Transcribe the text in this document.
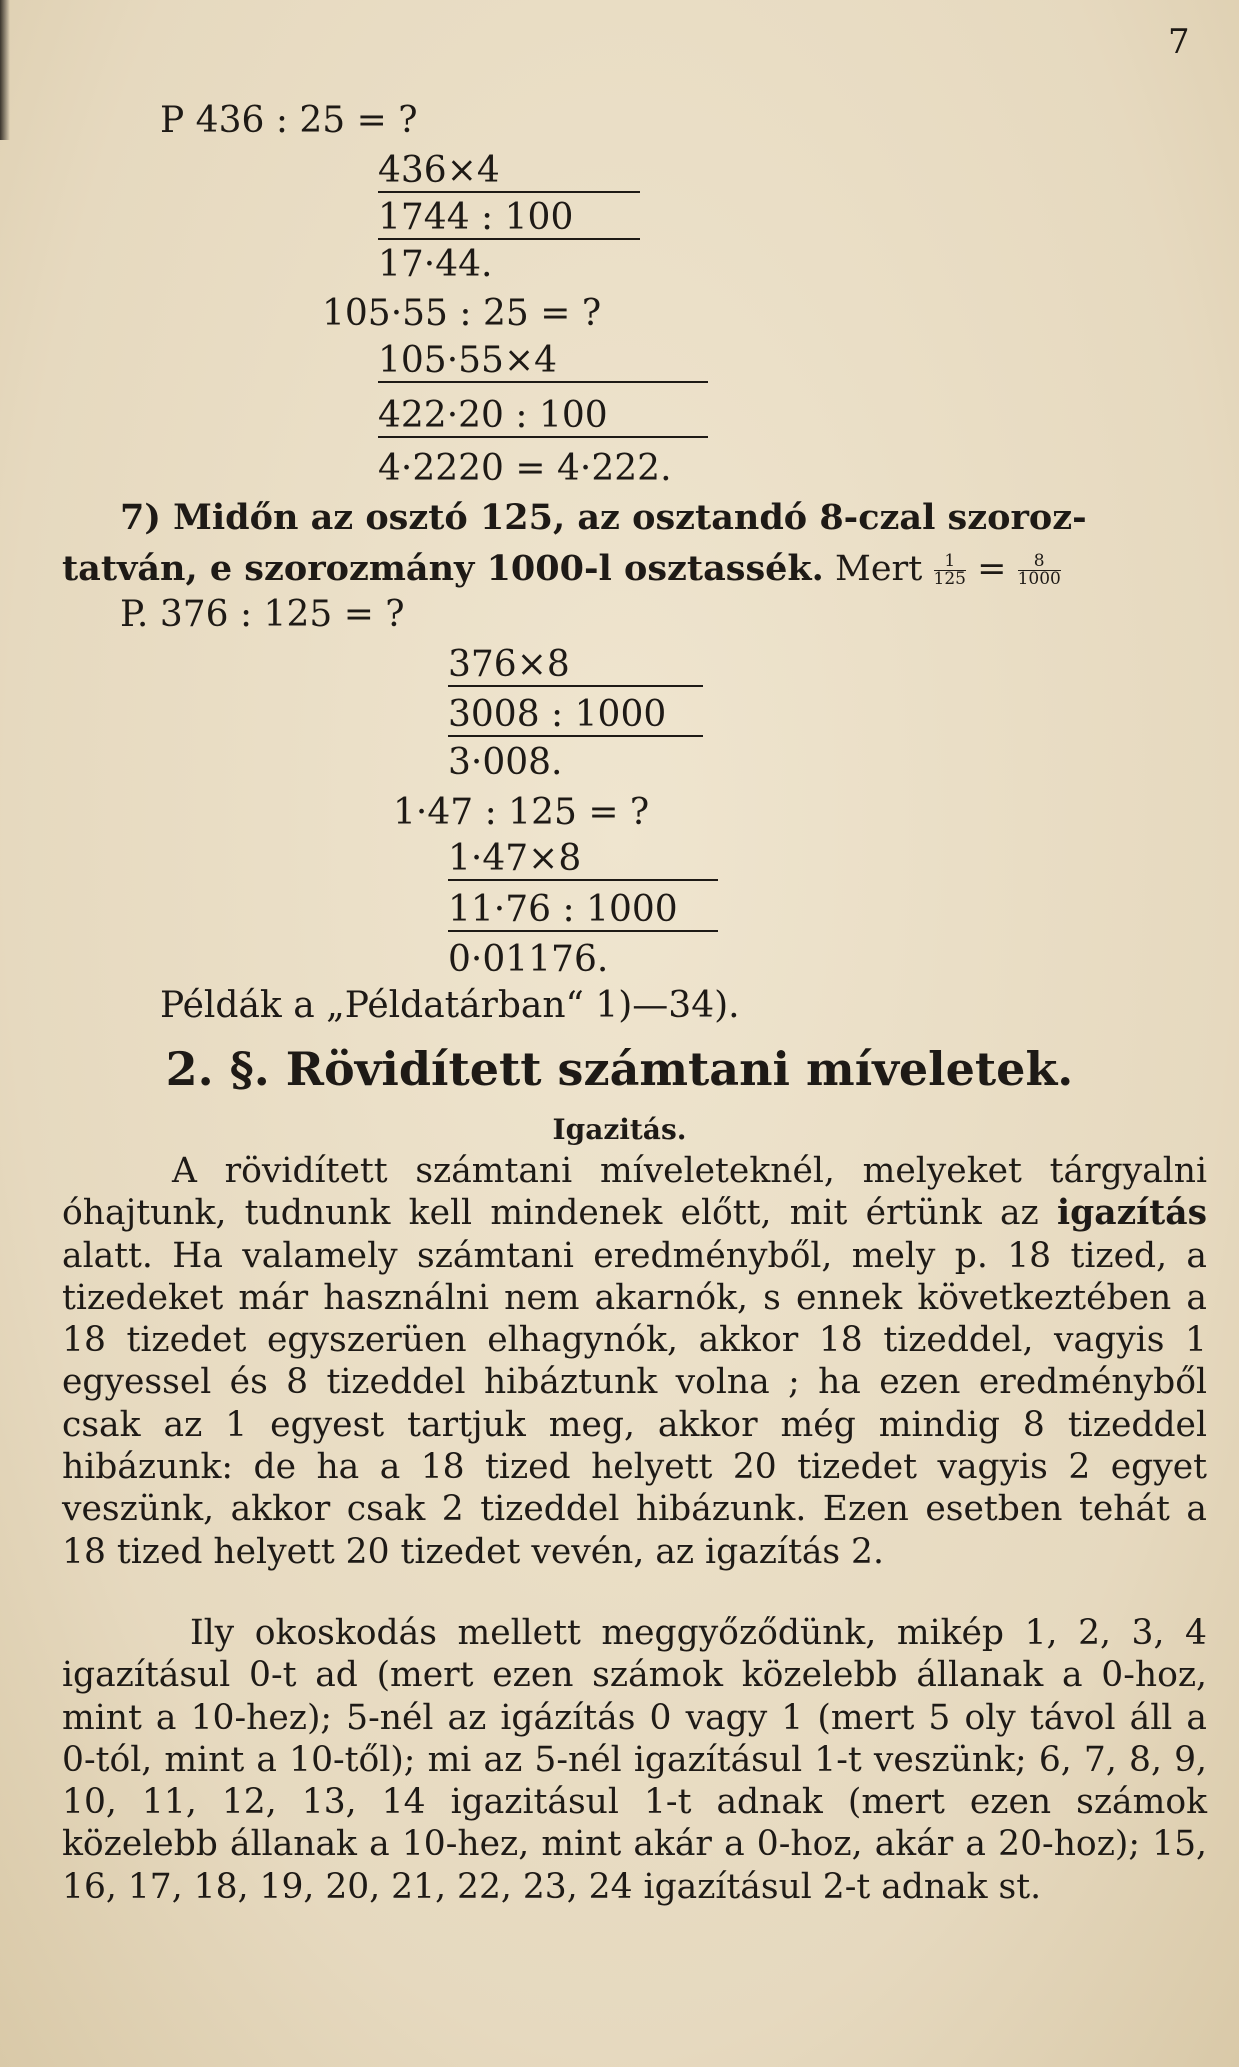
7
P 436 : 25 = ?
436×4
1744 : 100
17·44.
105·55 : 25 = ?
105·55×4
422·20 : 100
4·2220 = 4·222.
7) Midőn az osztó 125, az osztandó 8-czal szoroz-
tatván, e szorozmány 1000-l osztassék. Mert $\frac{1}{125} = \frac{8}{1000}$
P. 376 : 125 = ?
376×8
3008 : 1000
3·008.
1·47 : 125 = ?
1·47×8
11·76 : 1000
0·01176.
Példák a „Példatárban“ 1)—34).
2. §. Rövidített számtani míveletek.
Igazitás.
A rövidített számtani míveleteknél, melyeket tárgyalni óhajtunk, tudnunk kell mindenek előtt, mit értünk az igazítás alatt. Ha valamely számtani eredményből, mely p. 18 tized, a tizedeket már használni nem akarnók, s ennek következtében a 18 tizedet egyszerüen elhagynók, akkor 18 tizeddel, vagyis 1 egyessel és 8 tizeddel hibáztunk volna ; ha ezen eredményből csak az 1 egyest tartjuk meg, akkor még mindig 8 tizeddel hibázunk: de ha a 18 tized helyett 20 tizedet vagyis 2 egyet veszünk, akkor csak 2 tizeddel hibázunk. Ezen esetben tehát a 18 tized helyett 20 tizedet vevén, az igazítás 2.
Ily okoskodás mellett meggyőződünk, mikép 1, 2, 3, 4 igazításul 0-t ad (mert ezen számok közelebb állanak a 0-hoz, mint a 10-hez); 5-nél az igázítás 0 vagy 1 (mert 5 oly távol áll a 0-tól, mint a 10-től); mi az 5-nél igazításul 1-t veszünk; 6, 7, 8, 9, 10, 11, 12, 13, 14 igazitásul 1-t adnak (mert ezen számok közelebb állanak a 10-hez, mint akár a 0-hoz, akár a 20-hoz); 15, 16, 17, 18, 19, 20, 21, 22, 23, 24 igazításul 2-t adnak st.
